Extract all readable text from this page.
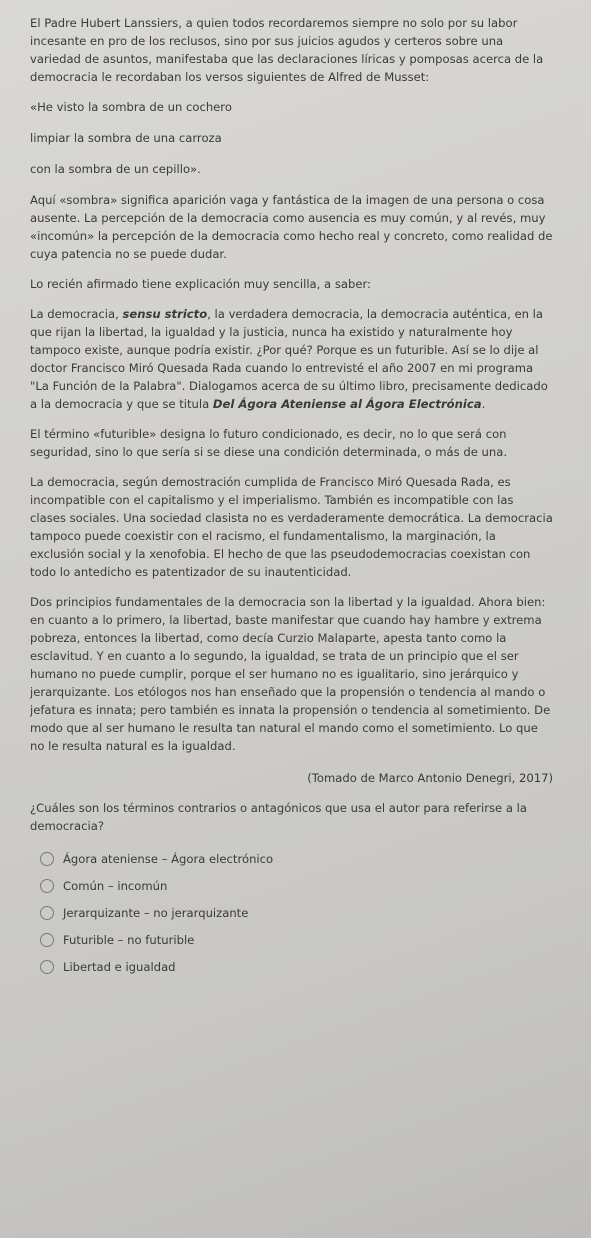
El Padre Hubert Lanssiers, a quien todos recordaremos siempre no solo por su labor incesante en pro de los reclusos, sino por sus juicios agudos y certeros sobre una variedad de asuntos, manifestaba que las declaraciones líricas y pomposas acerca de la democracia le recordaban los versos siguientes de Alfred de Musset:

«He visto la sombra de un cochero

limpiar la sombra de una carroza

con la sombra de un cepillo».

Aquí «sombra» significa aparición vaga y fantástica de la imagen de una persona o cosa ausente. La percepción de la democracia como ausencia es muy común, y al revés, muy «incomún» la percepción de la democracia como hecho real y concreto, como realidad de cuya patencia no se puede dudar.

Lo recién afirmado tiene explicación muy sencilla, a saber:

La democracia, sensu stricto, la verdadera democracia, la democracia auténtica, en la que rijan la libertad, la igualdad y la justicia, nunca ha existido y naturalmente hoy tampoco existe, aunque podría existir. ¿Por qué? Porque es un futurible. Así se lo dije al doctor Francisco Miró Quesada Rada cuando lo entrevisté el año 2007 en mi programa "La Función de la Palabra". Dialogamos acerca de su último libro, precisamente dedicado a la democracia y que se titula Del Ágora Ateniense al Ágora Electrónica.

El término «futurible» designa lo futuro condicionado, es decir, no lo que será con seguridad, sino lo que sería si se diese una condición determinada, o más de una.

La democracia, según demostración cumplida de Francisco Miró Quesada Rada, es incompatible con el capitalismo y el imperialismo. También es incompatible con las clases sociales. Una sociedad clasista no es verdaderamente democrática. La democracia tampoco puede coexistir con el racismo, el fundamentalismo, la marginación, la exclusión social y la xenofobia. El hecho de que las pseudodemocracias coexistan con todo lo antedicho es patentizador de su inautenticidad.

Dos principios fundamentales de la democracia son la libertad y la igualdad. Ahora bien: en cuanto a lo primero, la libertad, baste manifestar que cuando hay hambre y extrema pobreza, entonces la libertad, como decía Curzio Malaparte, apesta tanto como la esclavitud. Y en cuanto a lo segundo, la igualdad, se trata de un principio que el ser humano no puede cumplir, porque el ser humano no es igualitario, sino jerárquico y jerarquizante. Los etólogos nos han enseñado que la propensión o tendencia al mando o jefatura es innata; pero también es innata la propensión o tendencia al sometimiento. De modo que al ser humano le resulta tan natural el mando como el sometimiento. Lo que no le resulta natural es la igualdad.

(Tomado de Marco Antonio Denegri, 2017)

¿Cuáles son los términos contrarios o antagónicos que usa el autor para referirse a la democracia?

Ágora ateniense – Ágora electrónico
Común – incomún
Jerarquizante – no jerarquizante
Futurible – no futurible
Libertad e igualdad
